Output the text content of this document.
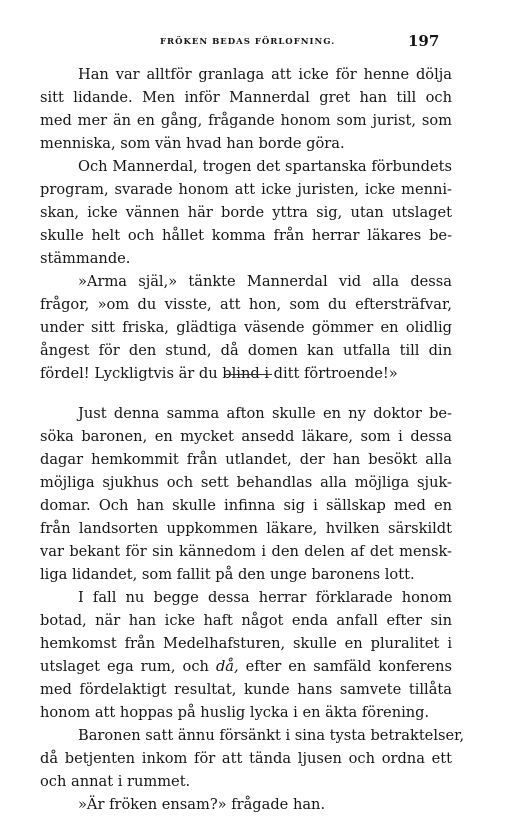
FRÖKEN BEDAS FÖRLOFNING.	197
Han var alltför granlaga att icke för henne dölja
sitt lidande. Men inför Mannerdal gret han till och
med mer än en gång, frågande honom som jurist, som
menniska, som vän hvad han borde göra.
Och Mannerdal, trogen det spartanska förbundets
program, svarade honom att icke juristen, icke menni-
skan, icke vännen här borde yttra sig, utan utslaget
skulle helt och hållet komma från herrar läkares be-
stämmande.
»Arma själ,» tänkte Mannerdal vid alla dessa
frågor, »om du visste, att hon, som du eftersträfvar,
under sitt friska, glädtiga väsende gömmer en olidlig
ångest för den stund, då domen kan utfalla till din
fördel! Lyckligtvis är du blind i ditt förtroende!»
Just denna samma afton skulle en ny doktor be-
söka baronen, en mycket ansedd läkare, som i dessa
dagar hemkommit från utlandet, der han besökt alla
möjliga sjukhus och sett behandlas alla möjliga sjuk-
domar. Och han skulle infinna sig i sällskap med en
från landsorten uppkommen läkare, hvilken särskildt
var bekant för sin kännedom i den delen af det mensk-
liga lidandet, som fallit på den unge baronens lott.
I fall nu begge dessa herrar förklarade honom
botad, när han icke haft något enda anfall efter sin
hemkomst från Medelhafsturen, skulle en pluralitet i
utslaget ega rum, och då, efter en samfäld konferens
med fördelaktigt resultat, kunde hans samvete tillåta
honom att hoppas på huslig lycka i en äkta förening.
Baronen satt ännu försänkt i sina tysta betraktelser,
då betjenten inkom för att tända ljusen och ordna ett
och annat i rummet.
»Är fröken ensam?» frågade han.
